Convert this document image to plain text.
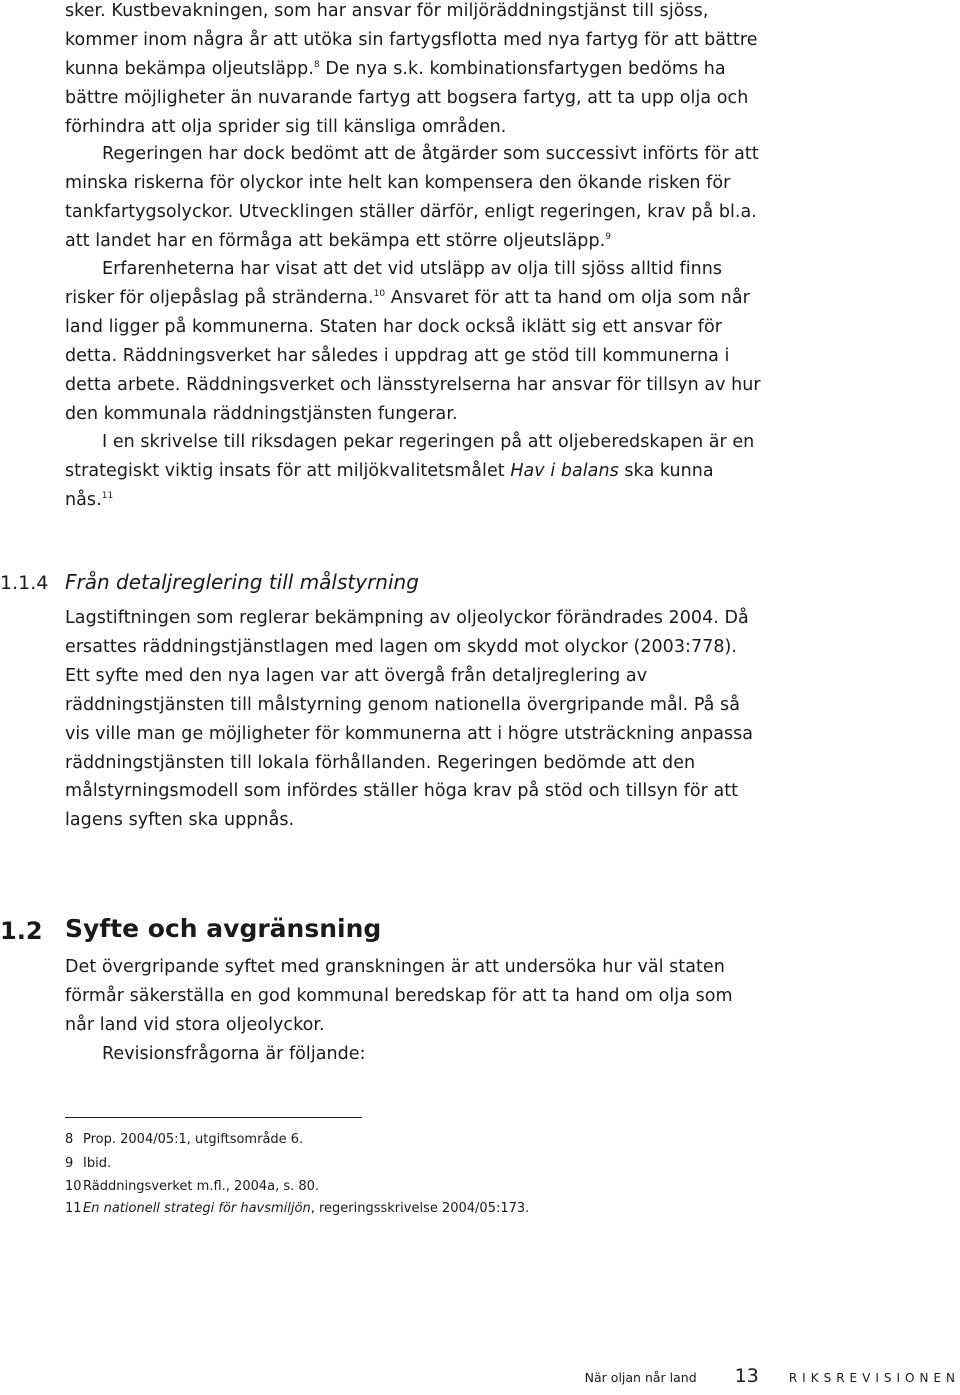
sker. Kustbevakningen, som har ansvar för miljöräddningstjänst till sjöss, kommer inom några år att utöka sin fartygsflotta med nya fartyg för att bättre kunna bekämpa oljeutsläpp.$^8$ De nya s.k. kombinationsfartygen bedöms ha bättre möjligheter än nuvarande fartyg att bogsera fartyg, att ta upp olja och förhindra att olja sprider sig till känsliga områden.

Regeringen har dock bedömt att de åtgärder som successivt införts för att minska riskerna för olyckor inte helt kan kompensera den ökande risken för tankfartygsolyckor. Utvecklingen ställer därför, enligt regeringen, krav på bl.a. att landet har en förmåga att bekämpa ett större oljeutsläpp.$^9$

Erfarenheterna har visat att det vid utsläpp av olja till sjöss alltid finns risker för oljepåslag på stränderna.$^{10}$ Ansvaret för att ta hand om olja som når land ligger på kommunerna. Staten har dock också iklätt sig ett ansvar för detta. Räddningsverket har således i uppdrag att ge stöd till kommunerna i detta arbete. Räddningsverket och länsstyrelserna har ansvar för tillsyn av hur den kommunala räddningstjänsten fungerar.

I en skrivelse till riksdagen pekar regeringen på att oljeberedskapen är en strategiskt viktig insats för att miljökvalitetsmålet Hav i balans ska kunna nås.$^{11}$

1.1.4 Från detaljreglering till målstyrning

Lagstiftningen som reglerar bekämpning av oljeolyckor förändrades 2004. Då ersattes räddningstjänstlagen med lagen om skydd mot olyckor (2003:778). Ett syfte med den nya lagen var att övergå från detaljreglering av räddningstjänsten till målstyrning genom nationella övergripande mål. På så vis ville man ge möjligheter för kommunerna att i högre utsträckning anpassa räddningstjänsten till lokala förhållanden. Regeringen bedömde att den målstyrningsmodell som infördes ställer höga krav på stöd och tillsyn för att lagens syften ska uppnås.

1.2 Syfte och avgränsning

Det övergripande syftet med granskningen är att undersöka hur väl staten förmår säkerställa en god kommunal beredskap för att ta hand om olja som når land vid stora oljeolyckor.

Revisionsfrågorna är följande:

8 Prop. 2004/05:1, utgiftsområde 6.
9 Ibid.
10Räddningsverket m.fl., 2004a, s. 80.
11En nationell strategi för havsmiljön, regeringsskrivelse 2004/05:173.
När oljan når land 13	RIKSREVISIONEN
